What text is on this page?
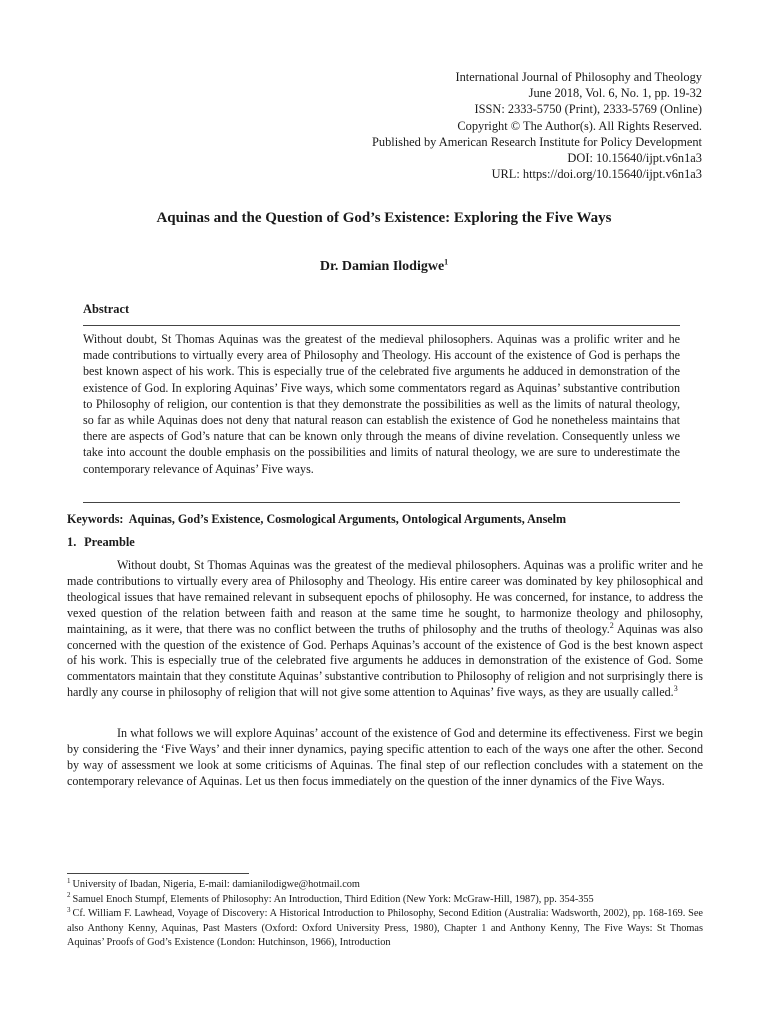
International Journal of Philosophy and Theology
June 2018, Vol. 6, No. 1, pp. 19-32
ISSN: 2333-5750 (Print), 2333-5769 (Online)
Copyright © The Author(s). All Rights Reserved.
Published by American Research Institute for Policy Development
DOI: 10.15640/ijpt.v6n1a3
URL: https://doi.org/10.15640/ijpt.v6n1a3
Aquinas and the Question of God’s Existence: Exploring the Five Ways
Dr. Damian Ilodigwe$^1$
Abstract

Without doubt, St Thomas Aquinas was the greatest of the medieval philosophers. Aquinas was a prolific writer and he made contributions to virtually every area of Philosophy and Theology. His account of the existence of God is perhaps the best known aspect of his work. This is especially true of the celebrated five arguments he adduced in demonstration of the existence of God. In exploring Aquinas’ Five ways, which some commentators regard as Aquinas’ substantive contribution to Philosophy of religion, our contention is that they demonstrate the possibilities as well as the limits of natural theology, so far as while Aquinas does not deny that natural reason can establish the existence of God he nonetheless maintains that there are aspects of God’s nature that can be known only through the means of divine revelation. Consequently unless we take into account the double emphasis on the possibilities and limits of natural theology, we are sure to underestimate the contemporary relevance of Aquinas’ Five ways.

Keywords: Aquinas, God’s Existence, Cosmological Arguments, Ontological Arguments, Anselm
1. Preamble

Without doubt, St Thomas Aquinas was the greatest of the medieval philosophers. Aquinas was a prolific writer and he made contributions to virtually every area of Philosophy and Theology. His entire career was dominated by key philosophical and theological issues that have remained relevant in subsequent epochs of philosophy. He was concerned, for instance, to address the vexed question of the relation between faith and reason at the same time he sought, to harmonize theology and philosophy, maintaining, as it were, that there was no conflict between the truths of philosophy and the truths of theology.$^2$ Aquinas was also concerned with the question of the existence of God. Perhaps Aquinas’s account of the existence of God is the best known aspect of his work. This is especially true of the celebrated five arguments he adduces in demonstration of the existence of God. Some commentators maintain that they constitute Aquinas’ substantive contribution to Philosophy of religion and not surprisingly there is hardly any course in philosophy of religion that will not give some attention to Aquinas’ five ways, as they are usually called.$^3$

In what follows we will explore Aquinas’ account of the existence of God and determine its effectiveness. First we begin by considering the ‘Five Ways’ and their inner dynamics, paying specific attention to each of the ways one after the other. Second by way of assessment we look at some criticisms of Aquinas. The final step of our reflection concludes with a statement on the contemporary relevance of Aquinas. Let us then focus immediately on the question of the inner dynamics of the Five Ways.

$^1$ University of Ibadan, Nigeria, E-mail: damianilodigwe@hotmail.com

$^2$ Samuel Enoch Stumpf, Elements of Philosophy: An Introduction, Third Edition (New York: McGraw-Hill, 1987), pp. 354-355

$^3$ Cf. William F. Lawhead, Voyage of Discovery: A Historical Introduction to Philosophy, Second Edition (Australia: Wadsworth, 2002), pp. 168-169. See also Anthony Kenny, Aquinas, Past Masters (Oxford: Oxford University Press, 1980), Chapter 1 and Anthony Kenny, The Five Ways: St Thomas Aquinas’ Proofs of God’s Existence (London: Hutchinson, 1966), Introduction
